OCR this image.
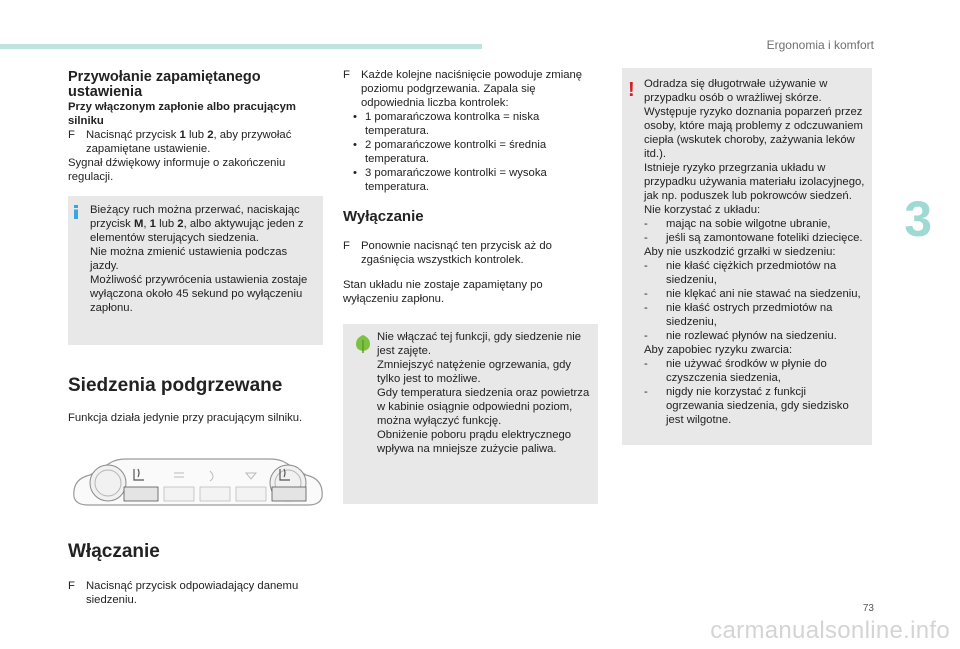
Ergonomia i komfort
3
Przywołanie zapamiętanego ustawienia

Przy włączonym zapłonie albo pracującym silniku

F Nacisnąć przycisk 1 lub 2, aby przywołać zapamiętane ustawienie.

Sygnał dźwiękowy informuje o zakończeniu regulacji.

Bieżący ruch można przerwać, naciskając przycisk M, 1 lub 2, albo aktywując jeden z elementów sterujących siedzenia.

Nie można zmienić ustawienia podczas jazdy.

Możliwość przywrócenia ustawienia zostaje wyłączona około 45 sekund po wyłączeniu zapłonu.

Siedzenia podgrzewane

Funkcja działa jedynie przy pracującym silniku.

Włączanie
F Nacisnąć przycisk odpowiadający danemu siedzeniu.
F Każde kolejne naciśnięcie powoduje zmianę poziomu podgrzewania. Zapala się odpowiednia liczba kontrolek:
• 1 pomarańczowa kontrolka = niska temperatura.
• 2 pomarańczowe kontrolki = średnia temperatura.
• 3 pomarańczowe kontrolki = wysoka temperatura.
Wyłączanie
F Ponownie nacisnąć ten przycisk aż do zgaśnięcia wszystkich kontrolek.

Stan układu nie zostaje zapamiętany po wyłączeniu zapłonu.

Nie włączać tej funkcji, gdy siedzenie nie jest zajęte.

Zmniejszyć natężenie ogrzewania, gdy tylko jest to możliwe.

Gdy temperatura siedzenia oraz powietrza w kabinie osiągnie odpowiedni poziom, można wyłączyć funkcję.

Obniżenie poboru prądu elektrycznego wpływa na mniejsze zużycie paliwa.

! Odradza się długotrwałe używanie w przypadku osób o wrażliwej skórze.

Występuje ryzyko doznania poparzeń przez osoby, które mają problemy z odczuwaniem ciepła (wskutek choroby, zażywania leków itd.).

Istnieje ryzyko przegrzania układu w przypadku używania materiału izolacyjnego, jak np. poduszek lub pokrowców siedzeń.

Nie korzystać z układu:

- mając na sobie wilgotne ubranie,
- jeśli są zamontowane foteliki dziecięce.

Aby nie uszkodzić grzałki w siedzeniu:

- nie kłaść ciężkich przedmiotów na siedzeniu,
- nie klękać ani nie stawać na siedzeniu,
- nie kłaść ostrych przedmiotów na siedzeniu,
- nie rozlewać płynów na siedzeniu.

Aby zapobiec ryzyku zwarcia:

- nie używać środków w płynie do czyszczenia siedzenia,
- nigdy nie korzystać z funkcji ogrzewania siedzenia, gdy siedzisko jest wilgotne.
73
carmanualsonline.info
